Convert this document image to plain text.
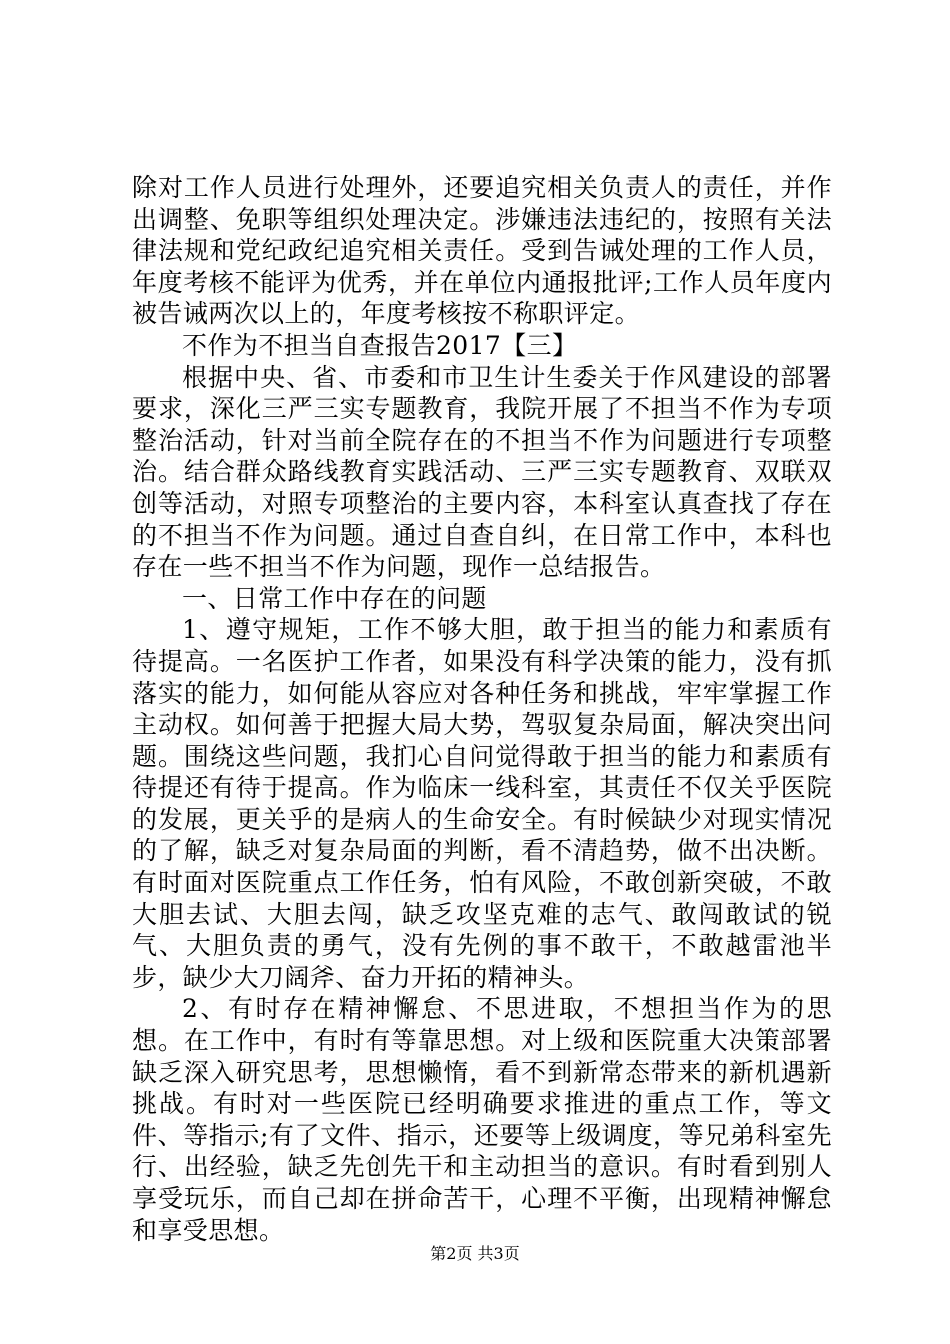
除对工作人员进行处理外，还要追究相关负责人的责任，并作出调整、免职等组织处理决定。涉嫌违法违纪的，按照有关法律法规和党纪政纪追究相关责任。受到告诫处理的工作人员，年度考核不能评为优秀，并在单位内通报批评;工作人员年度内被告诫两次以上的，年度考核按不称职评定。

不作为不担当自查报告2017【三】

根据中央、省、市委和市卫生计生委关于作风建设的部署要求，深化三严三实专题教育，我院开展了不担当不作为专项整治活动，针对当前全院存在的不担当不作为问题进行专项整治。结合群众路线教育实践活动、三严三实专题教育、双联双创等活动，对照专项整治的主要内容，本科室认真查找了存在的不担当不作为问题。通过自查自纠，在日常工作中，本科也存在一些不担当不作为问题，现作一总结报告。

一、日常工作中存在的问题

1、遵守规矩，工作不够大胆，敢于担当的能力和素质有待提高。一名医护工作者，如果没有科学决策的能力，没有抓落实的能力，如何能从容应对各种任务和挑战，牢牢掌握工作主动权。如何善于把握大局大势，驾驭复杂局面，解决突出问题。围绕这些问题，我扪心自问觉得敢于担当的能力和素质有待提还有待于提高。作为临床一线科室，其责任不仅关乎医院的发展，更关乎的是病人的生命安全。有时候缺少对现实情况的了解，缺乏对复杂局面的判断，看不清趋势，做不出决断。有时面对医院重点工作任务，怕有风险，不敢创新突破，不敢大胆去试、大胆去闯，缺乏攻坚克难的志气、敢闯敢试的锐气、大胆负责的勇气，没有先例的事不敢干，不敢越雷池半步，缺少大刀阔斧、奋力开拓的精神头。

2、有时存在精神懈怠、不思进取，不想担当作为的思想。在工作中，有时有等靠思想。对上级和医院重大决策部署缺乏深入研究思考，思想懒惰，看不到新常态带来的新机遇新挑战。有时对一些医院已经明确要求推进的重点工作，等文件、等指示;有了文件、指示，还要等上级调度，等兄弟科室先行、出经验，缺乏先创先干和主动担当的意识。有时看到别人享受玩乐，而自己却在拼命苦干，心理不平衡，出现精神懈怠和享受思想。

第2页 共3页
